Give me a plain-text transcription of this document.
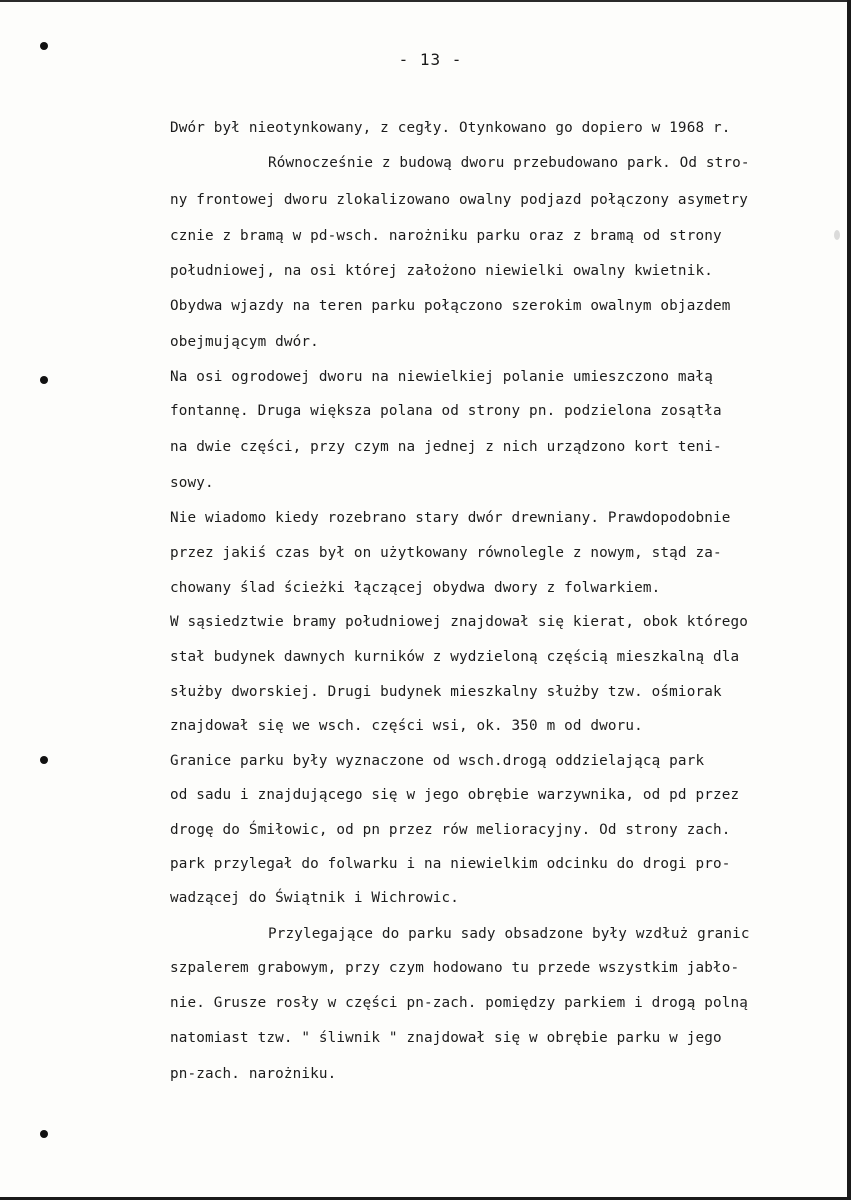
- 13 -
Dwór był nieotynkowany, z cegły. Otynkowano go dopiero w 1968 r.
Równocześnie z budową dworu przebudowano park. Od stro-
ny frontowej dworu zlokalizowano owalny podjazd połączony asymetry
cznie z bramą w pd-wsch. narożniku parku oraz z bramą od strony
południowej, na osi której założono niewielki owalny kwietnik.
Obydwa wjazdy na teren parku połączono szerokim owalnym objazdem
obejmującym dwór.
Na osi ogrodowej dworu na niewielkiej polanie umieszczono małą
fontannę. Druga większa polana od strony pn. podzielona zosątła
na dwie części, przy czym na jednej z nich urządzono kort teni-
sowy.
Nie wiadomo kiedy rozebrano stary dwór drewniany. Prawdopodobnie
przez jakiś czas był on użytkowany równolegle z nowym, stąd za-
chowany ślad ścieżki łączącej obydwa dwory z folwarkiem.
W sąsiedztwie bramy południowej znajdował się kierat, obok którego
stał budynek dawnych kurników z wydzieloną częścią mieszkalną dla
służby dworskiej. Drugi budynek mieszkalny służby tzw. ośmiorak
znajdował się we wsch. części wsi, ok. 350 m od dworu.
Granice parku były wyznaczone od wsch.drogą oddzielającą park
od sadu i znajdującego się w jego obrębie warzywnika, od pd przez
drogę do Śmiłowic, od pn przez rów melioracyjny. Od strony zach.
park przylegał do folwarku i na niewielkim odcinku do drogi pro-
wadzącej do Świątnik i Wichrowic.
Przylegające do parku sady obsadzone były wzdłuż granic
szpalerem grabowym, przy czym hodowano tu przede wszystkim jabło-
nie. Grusze rosły w części pn-zach. pomiędzy parkiem i drogą polną
natomiast tzw. " śliwnik " znajdował się w obrębie parku w jego
pn-zach. narożniku.
